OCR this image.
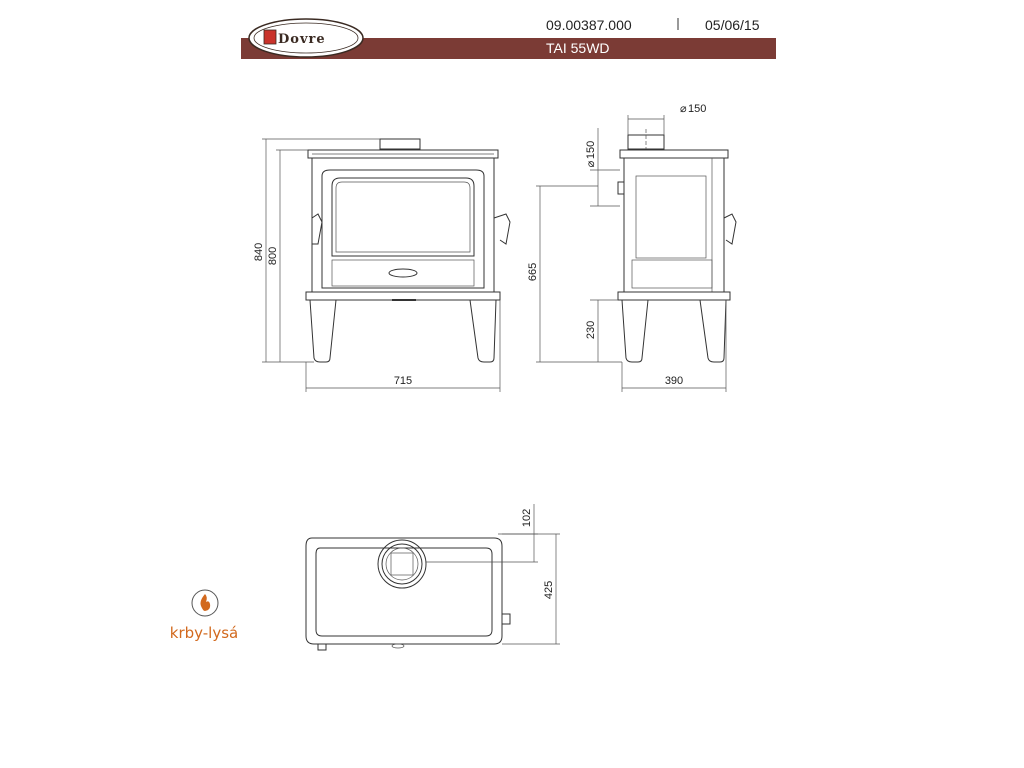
Dovre
09.00387.000	05/06/15
TAI 55WD
840 800
715
⌀ 150
150
⌀
665
230
390
102
425
krby-lysá
